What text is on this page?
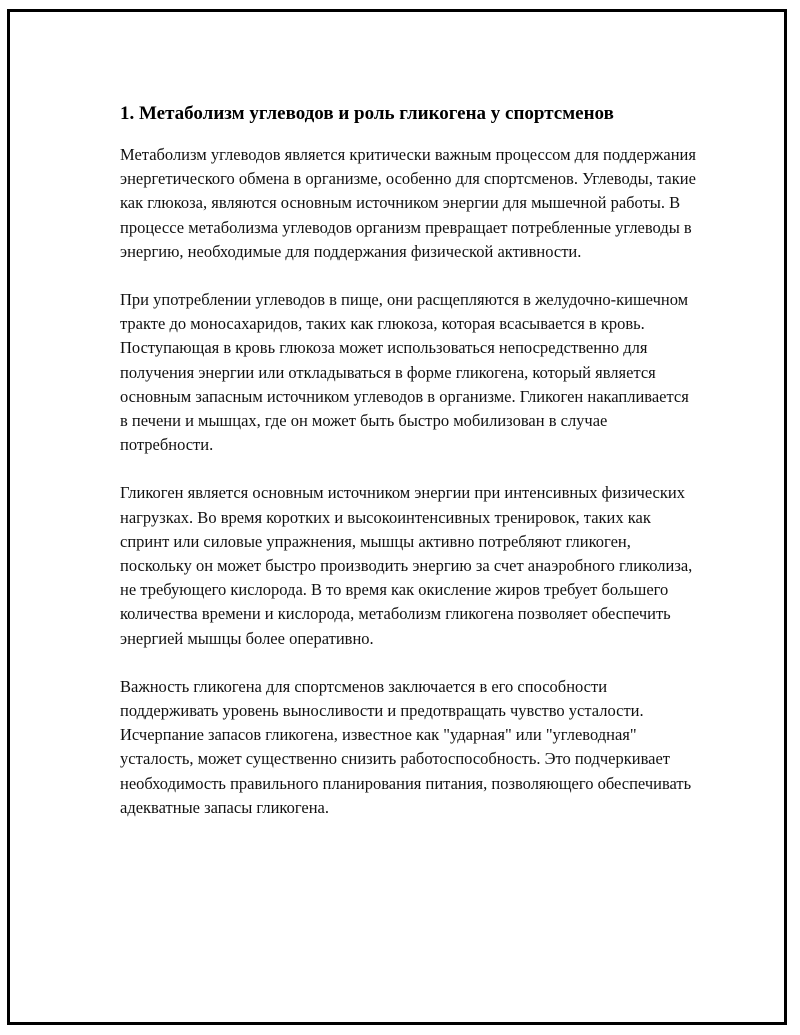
1. Метаболизм углеводов и роль гликогена у спортсменов

Метаболизм углеводов является критически важным процессом для поддержания энергетического обмена в организме, особенно для спортсменов. Углеводы, такие как глюкоза, являются основным источником энергии для мышечной работы. В процессе метаболизма углеводов организм превращает потребленные углеводы в энергию, необходимые для поддержания физической активности.

При употреблении углеводов в пище, они расщепляются в желудочно-кишечном тракте до моносахаридов, таких как глюкоза, которая всасывается в кровь. Поступающая в кровь глюкоза может использоваться непосредственно для получения энергии или откладываться в форме гликогена, который является основным запасным источником углеводов в организме. Гликоген накапливается в печени и мышцах, где он может быть быстро мобилизован в случае потребности.

Гликоген является основным источником энергии при интенсивных физических нагрузках. Во время коротких и высокоинтенсивных тренировок, таких как спринт или силовые упражнения, мышцы активно потребляют гликоген, поскольку он может быстро производить энергию за счет анаэробного гликолиза, не требующего кислорода. В то время как окисление жиров требует большего количества времени и кислорода, метаболизм гликогена позволяет обеспечить энергией мышцы более оперативно.

Важность гликогена для спортсменов заключается в его способности поддерживать уровень выносливости и предотвращать чувство усталости. Исчерпание запасов гликогена, известное как "ударная" или "углеводная" усталость, может существенно снизить работоспособность. Это подчеркивает необходимость правильного планирования питания, позволяющего обеспечивать адекватные запасы гликогена.
